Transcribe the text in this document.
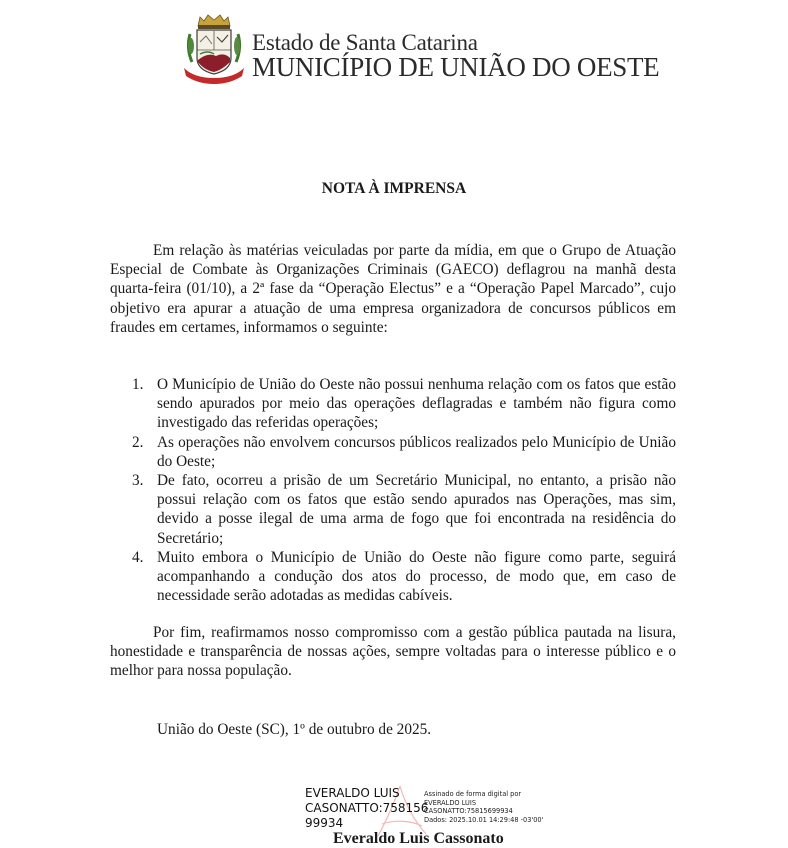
Estado de Santa Catarina
MUNICÍPIO DE UNIÃO DO OESTE
NOTA À IMPRENSA
Em relação às matérias veiculadas por parte da mídia, em que o Grupo de Atuação Especial de Combate às Organizações Criminais (GAECO) deflagrou na manhã desta quarta-feira (01/10), a 2ª fase da “Operação Electus” e a “Operação Papel Marcado”, cujo objetivo era apurar a atuação de uma empresa organizadora de concursos públicos em fraudes em certames, informamos o seguinte:
1. O Município de União do Oeste não possui nenhuma relação com os fatos que estão sendo apurados por meio das operações deflagradas e também não figura como investigado das referidas operações;
2. As operações não envolvem concursos públicos realizados pelo Município de União do Oeste;
3. De fato, ocorreu a prisão de um Secretário Municipal, no entanto, a prisão não possui relação com os fatos que estão sendo apurados nas Operações, mas sim, devido a posse ilegal de uma arma de fogo que foi encontrada na residência do Secretário;
4. Muito embora o Município de União do Oeste não figure como parte, seguirá acompanhando a condução dos atos do processo, de modo que, em caso de necessidade serão adotadas as medidas cabíveis.
Por fim, reafirmamos nosso compromisso com a gestão pública pautada na lisura, honestidade e transparência de nossas ações, sempre voltadas para o interesse público e o melhor para nossa população.
União do Oeste (SC), 1º de outubro de 2025.
EVERALDO LUIS
CASONATTO:758156
99934
Assinado de forma digital por
EVERALDO LUIS
CASONATTO:75815699934
Dados: 2025.10.01 14:29:48 -03'00'
Everaldo Luis Cassonato
